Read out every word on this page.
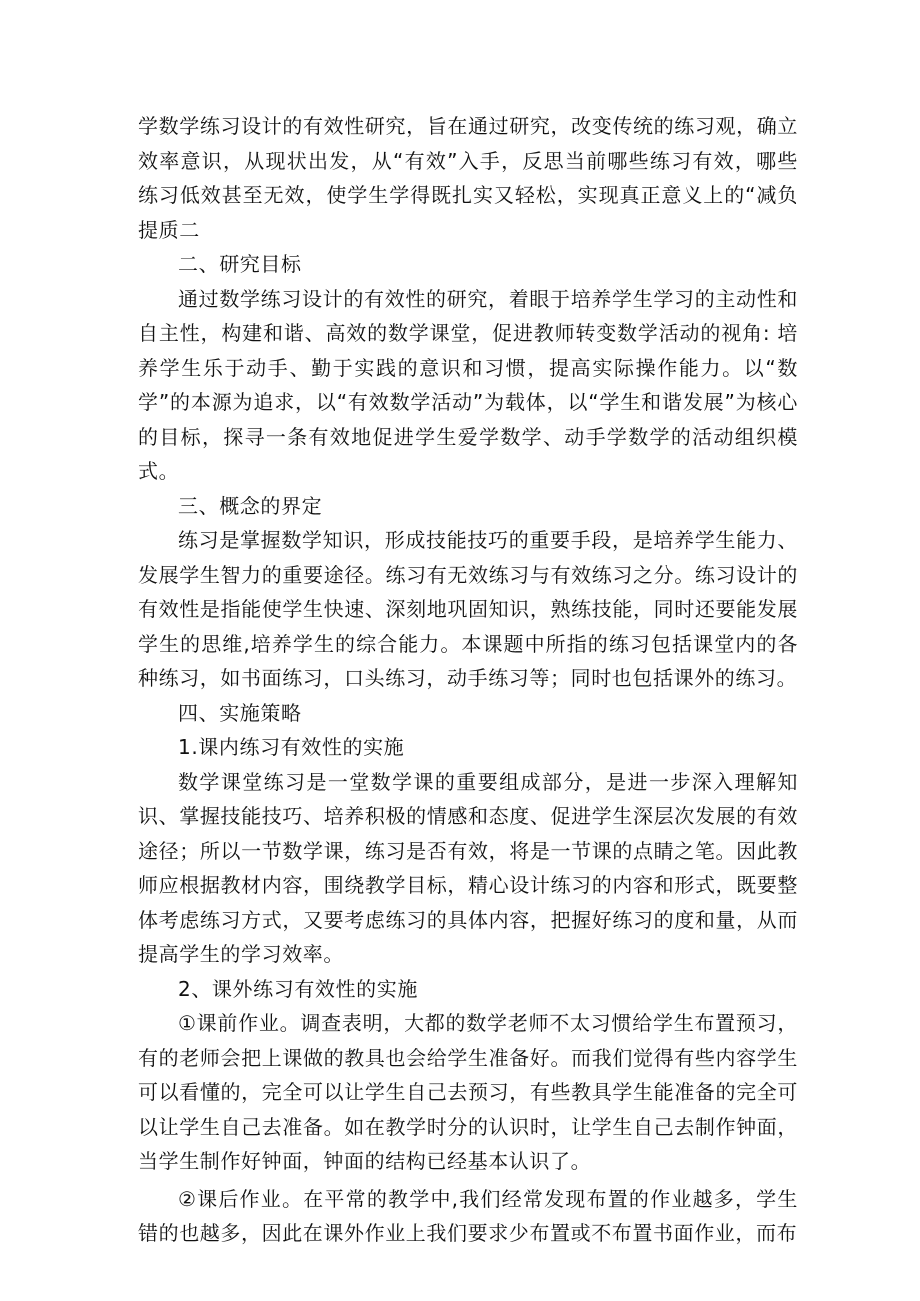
学数学练习设计的有效性研究，旨在通过研究，改变传统的练习观，确立效率意识，从现状出发，从“有效”入手，反思当前哪些练习有效，哪些练习低效甚至无效，使学生学得既扎实又轻松，实现真正意义上的“减负提质二

二、研究目标

通过数学练习设计的有效性的研究，着眼于培养学生学习的主动性和自主性，构建和谐、高效的数学课堂，促进教师转变数学活动的视角: 培养学生乐于动手、勤于实践的意识和习惯，提高实际操作能力。以“数学”的本源为追求，以“有效数学活动”为载体，以“学生和谐发展”为核心的目标，探寻一条有效地促进学生爱学数学、动手学数学的活动组织模式。

三、概念的界定

练习是掌握数学知识，形成技能技巧的重要手段，是培养学生能力、发展学生智力的重要途径。练习有无效练习与有效练习之分。练习设计的有效性是指能使学生快速、深刻地巩固知识，熟练技能，同时还要能发展学生的思维,培养学生的综合能力。本课题中所指的练习包括课堂内的各种练习，如书面练习，口头练习，动手练习等；同时也包括课外的练习。

四、实施策略

1.课内练习有效性的实施

数学课堂练习是一堂数学课的重要组成部分，是进一步深入理解知识、掌握技能技巧、培养积极的情感和态度、促进学生深层次发展的有效途径；所以一节数学课，练习是否有效，将是一节课的点睛之笔。因此教师应根据教材内容，围绕教学目标，精心设计练习的内容和形式，既要整体考虑练习方式，又要考虑练习的具体内容，把握好练习的度和量，从而提高学生的学习效率。

2、课外练习有效性的实施

①课前作业。调查表明，大都的数学老师不太习惯给学生布置预习，有的老师会把上课做的教具也会给学生准备好。而我们觉得有些内容学生可以看懂的，完全可以让学生自己去预习，有些教具学生能准备的完全可以让学生自己去准备。如在教学时分的认识时，让学生自己去制作钟面，当学生制作好钟面，钟面的结构已经基本认识了。

②课后作业。在平常的教学中,我们经常发现布置的作业越多，学生错的也越多，因此在课外作业上我们要求少布置或不布置书面作业，而布
